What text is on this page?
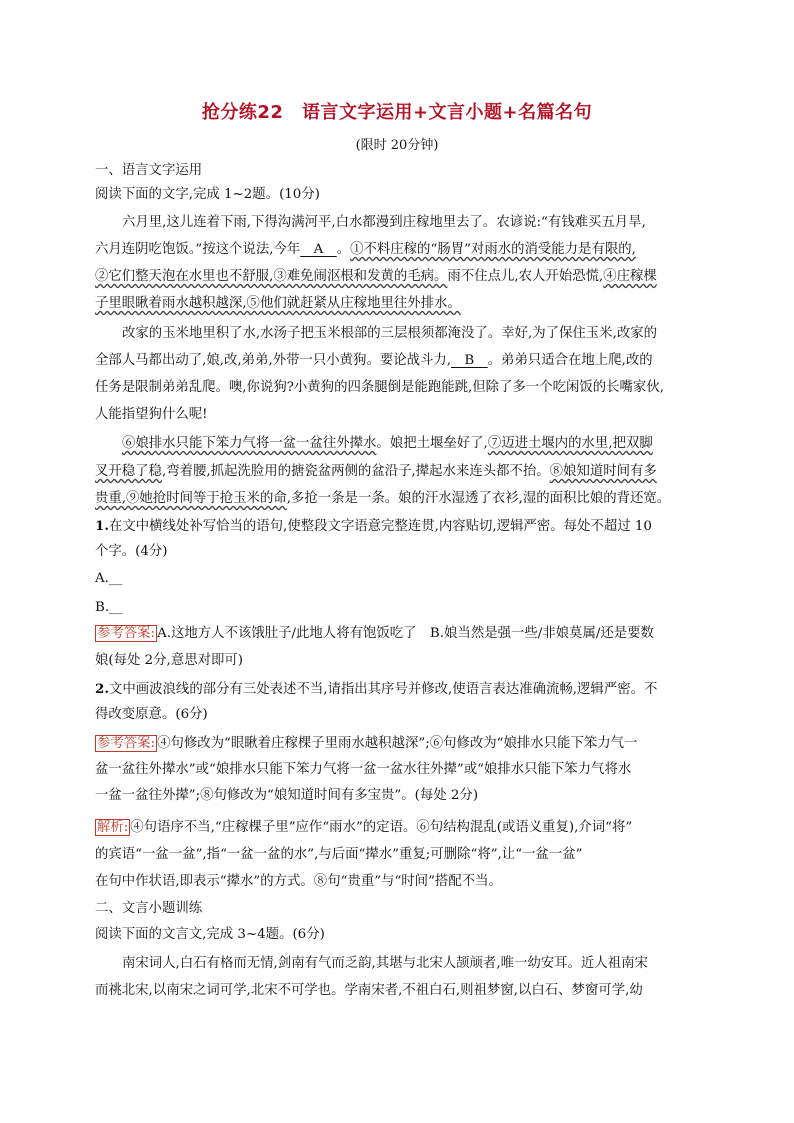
抢分练22　语言文字运用+文言小题+名篇名句
(限时 20分钟)
一、语言文字运用
阅读下面的文字,完成 1~2题。(10分)
六月里,这儿连着下雨,下得沟满河平,白水都漫到庄稼地里去了。农谚说:“有钱难买五月旱,
六月连阴吃饱饭。”按这个说法,今年　A　。①不料庄稼的“肠胃”对雨水的消受能力是有限的,
②它们整天泡在水里也不舒服,③难免闹沤根和发黄的毛病。雨不住点儿,农人开始恐慌,④庄稼棵
子里眼瞅着雨水越积越深,⑤他们就赶紧从庄稼地里往外排水。
改家的玉米地里积了水,水汤子把玉米根部的三层根须都淹没了。幸好,为了保住玉米,改家的
全部人马都出动了,娘,改,弟弟,外带一只小黄狗。要论战斗力,　B　。弟弟只适合在地上爬,改的
任务是限制弟弟乱爬。噢,你说狗?小黄狗的四条腿倒是能跑能跳,但除了多一个吃闲饭的长嘴家伙,
人能指望狗什么呢!
⑥娘排水只能下笨力气将一盆一盆往外撵水。娘把土堰垒好了,⑦迈进土堰内的水里,把双脚
叉开稳了稳,弯着腰,抓起洗脸用的搪瓷盆两侧的盆沿子,撵起水来连头都不抬。⑧娘知道时间有多
贵重,⑨她抢时间等于抢玉米的命,多抢一条是一条。娘的汗水湿透了衣衫,湿的面积比娘的背还宽。
1.在文中横线处补写恰当的语句,使整段文字语意完整连贯,内容贴切,逻辑严密。每处不超过 10
个字。(4分)
A.__
B.__
参考答案: A.这地方人不该饿肚子/此地人将有饱饭吃了　B.娘当然是强一些/非娘莫属/还是要数
娘(每处 2分,意思对即可)
2.文中画波浪线的部分有三处表述不当,请指出其序号并修改,使语言表达准确流畅,逻辑严密。不
得改变原意。(6分)
参考答案: ④句修改为“眼瞅着庄稼棵子里雨水越积越深”;⑥句修改为“娘排水只能下笨力气一
盆一盆往外撵水”或“娘排水只能下笨力气将一盆一盆水往外撵”或“娘排水只能下笨力气将水
一盆一盆往外撵”;⑧句修改为“娘知道时间有多宝贵”。(每处 2分)
解析: ④句语序不当,“庄稼棵子里”应作“雨水”的定语。⑥句结构混乱(或语义重复),介词“将”
的宾语“一盆一盆”,指“一盆一盆的水”,与后面“撵水”重复;可删除“将”,让“一盆一盆”
在句中作状语,即表示“撵水”的方式。⑧句“贵重”与“时间”搭配不当。
二、文言小题训练
阅读下面的文言文,完成 3~4题。(6分)
南宋词人,白石有格而无情,剑南有气而乏韵,其堪与北宋人颉颃者,唯一幼安耳。近人祖南宋
而祧北宋,以南宋之词可学,北宋不可学也。学南宋者,不祖白石,则祖梦窗,以白石、梦窗可学,幼
